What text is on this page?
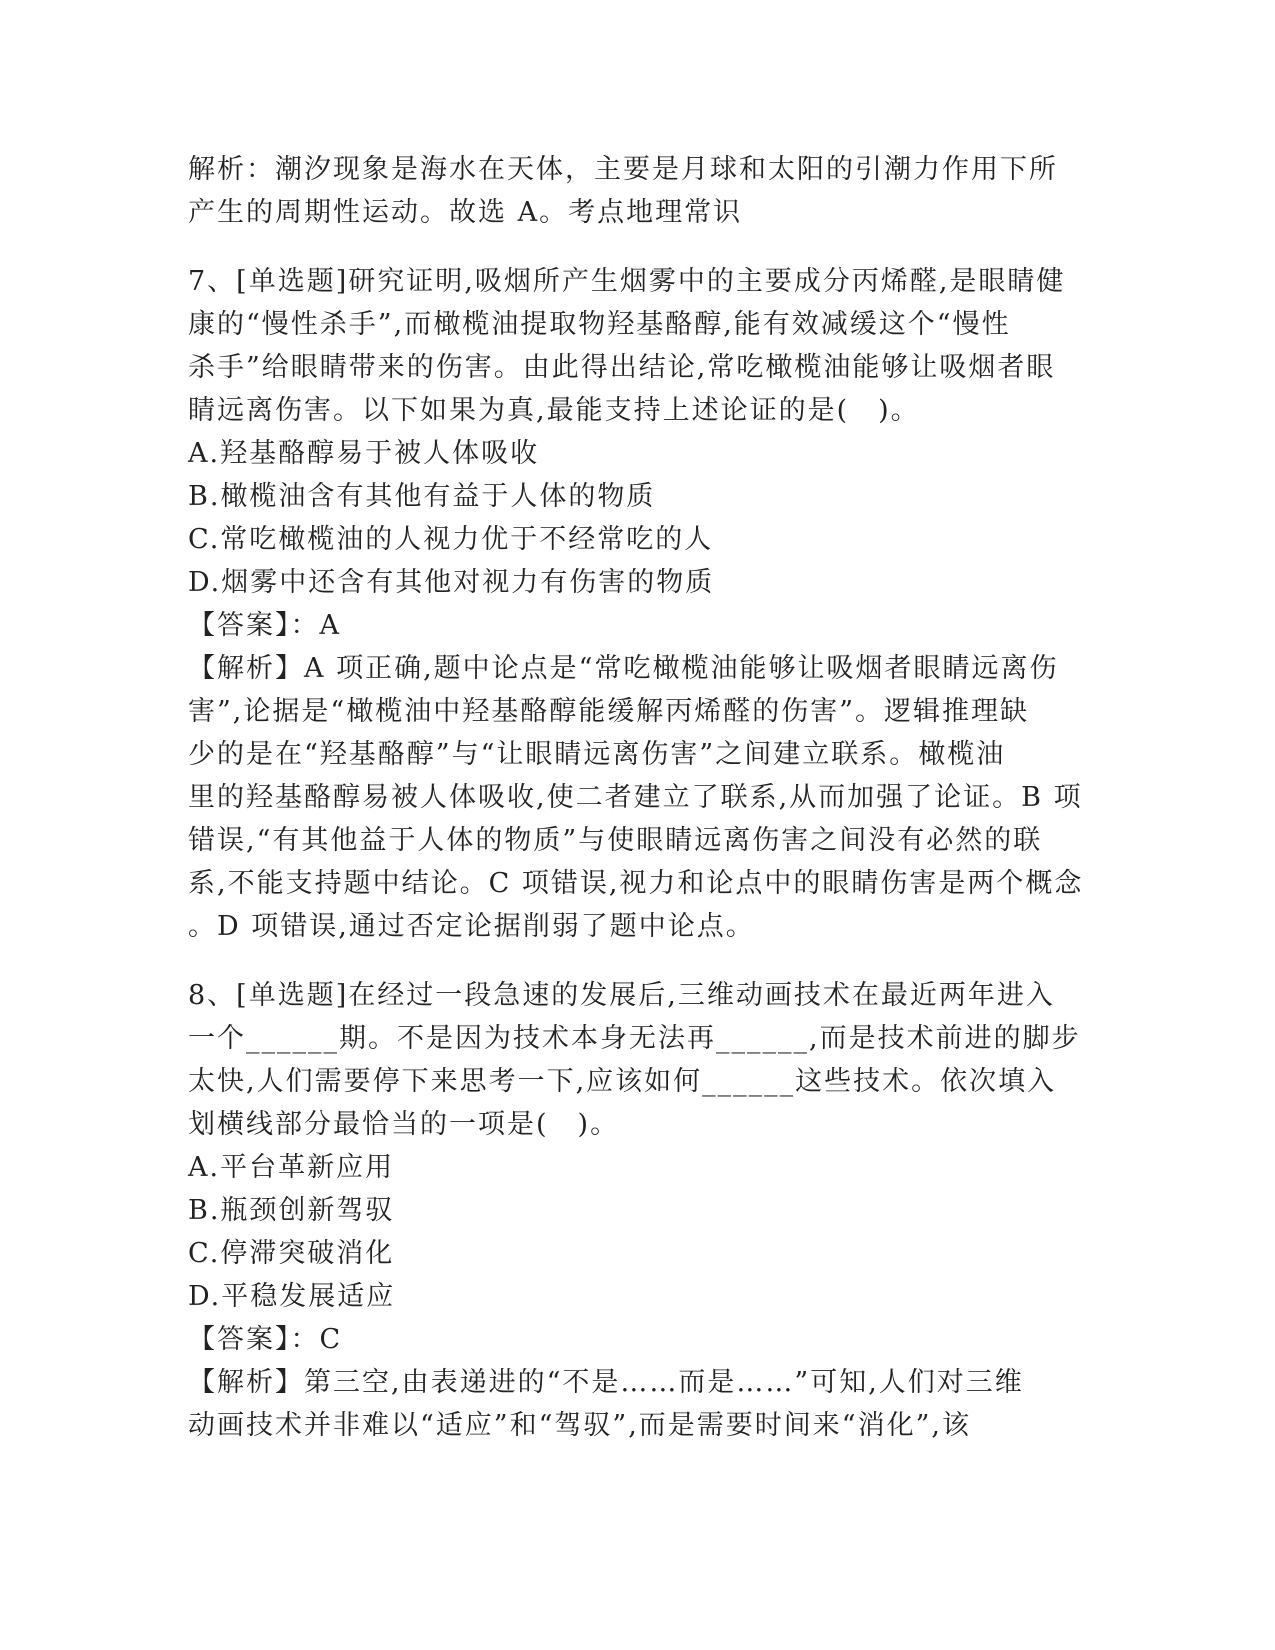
解析：潮汐现象是海水在天体，主要是月球和太阳的引潮力作用下所
产生的周期性运动。故选 A。考点地理常识
7、[单选题]研究证明,吸烟所产生烟雾中的主要成分丙烯醛,是眼睛健
康的“慢性杀手”,而橄榄油提取物羟基酪醇,能有效减缓这个“慢性
杀手”给眼睛带来的伤害。由此得出结论,常吃橄榄油能够让吸烟者眼
睛远离伤害。以下如果为真,最能支持上述论证的是(　)。
A.羟基酪醇易于被人体吸收
B.橄榄油含有其他有益于人体的物质
C.常吃橄榄油的人视力优于不经常吃的人
D.烟雾中还含有其他对视力有伤害的物质
【答案】：A
【解析】A 项正确,题中论点是“常吃橄榄油能够让吸烟者眼睛远离伤
害”,论据是“橄榄油中羟基酪醇能缓解丙烯醛的伤害”。逻辑推理缺
少的是在“羟基酪醇”与“让眼睛远离伤害”之间建立联系。橄榄油
里的羟基酪醇易被人体吸收,使二者建立了联系,从而加强了论证。B 项
错误,“有其他益于人体的物质”与使眼睛远离伤害之间没有必然的联
系,不能支持题中结论。C 项错误,视力和论点中的眼睛伤害是两个概念
。D 项错误,通过否定论据削弱了题中论点。
8、[单选题]在经过一段急速的发展后,三维动画技术在最近两年进入
一个______期。不是因为技术本身无法再______,而是技术前进的脚步
太快,人们需要停下来思考一下,应该如何______这些技术。依次填入
划横线部分最恰当的一项是(　)。
A.平台革新应用
B.瓶颈创新驾驭
C.停滞突破消化
D.平稳发展适应
【答案】：C
【解析】第三空,由表递进的“不是……而是……”可知,人们对三维
动画技术并非难以“适应”和“驾驭”,而是需要时间来“消化”,该
